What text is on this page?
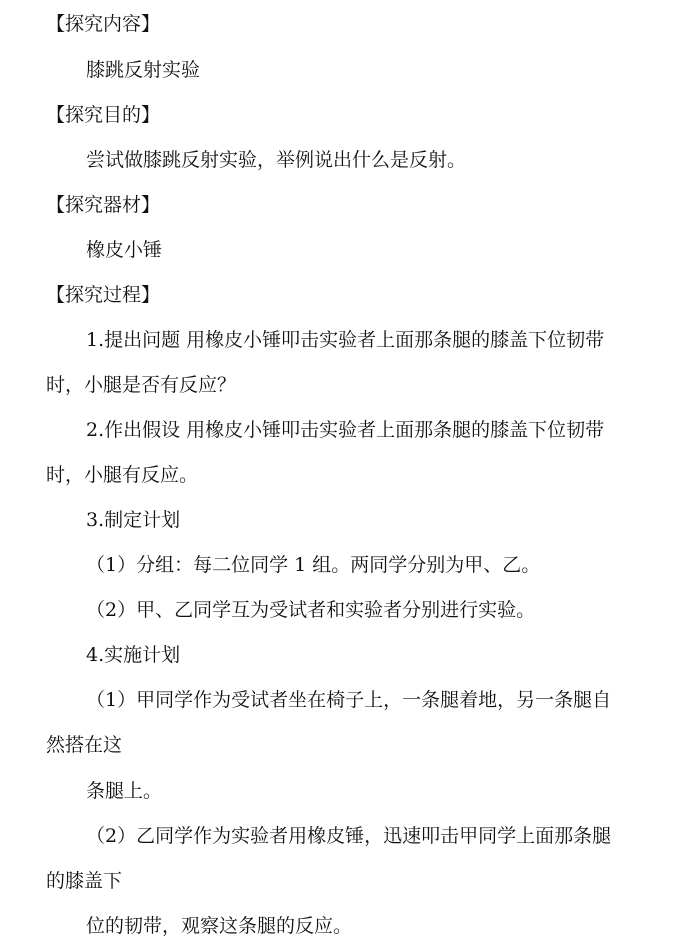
【探究内容】
膝跳反射实验
【探究目的】
尝试做膝跳反射实验，举例说出什么是反射。
【探究器材】
橡皮小锤
【探究过程】
1.提出问题 用橡皮小锤叩击实验者上面那条腿的膝盖下位韧带
时，小腿是否有反应？
2.作出假设 用橡皮小锤叩击实验者上面那条腿的膝盖下位韧带
时，小腿有反应。
3.制定计划
（1）分组：每二位同学 1 组。两同学分别为甲、乙。
（2）甲、乙同学互为受试者和实验者分别进行实验。
4.实施计划
（1）甲同学作为受试者坐在椅子上，一条腿着地，另一条腿自
然搭在这
条腿上。
（2）乙同学作为实验者用橡皮锤，迅速叩击甲同学上面那条腿
的膝盖下
位的韧带，观察这条腿的反应。
